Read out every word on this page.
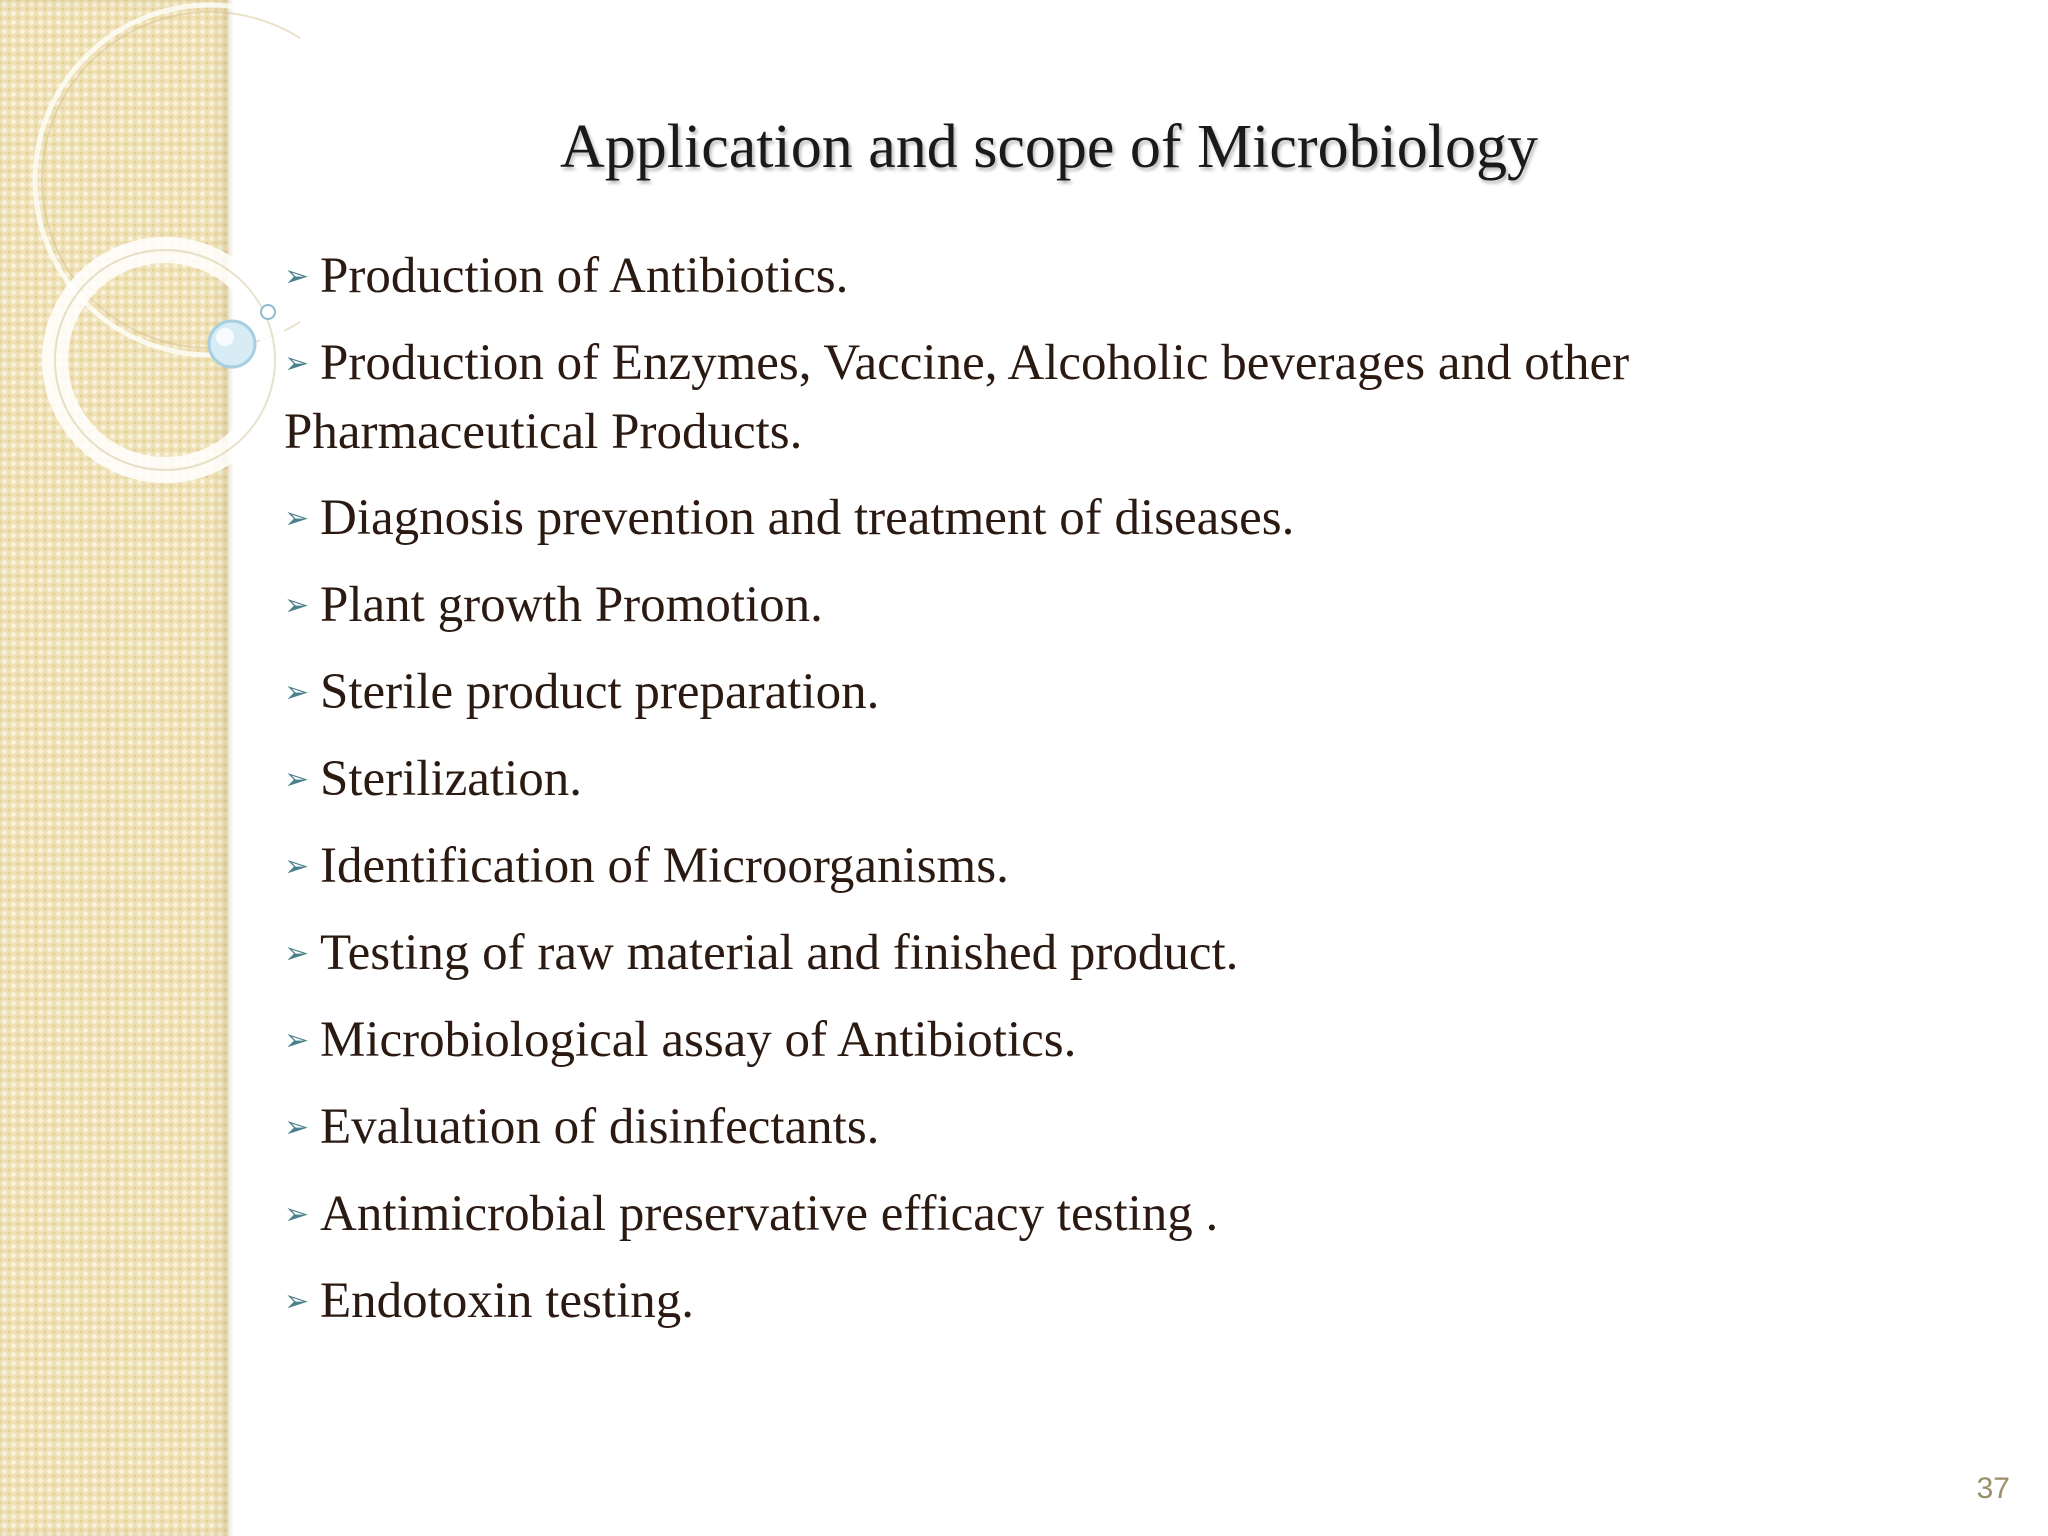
Application and scope of Microbiology
➢ Production of Antibiotics.
➢ Production of Enzymes, Vaccine, Alcoholic beverages and other Pharmaceutical Products.
➢ Diagnosis prevention and treatment of diseases.
➢ Plant growth Promotion.
➢ Sterile product preparation.
➢ Sterilization.
➢ Identification of Microorganisms.
➢ Testing of raw material and finished product.
➢ Microbiological assay of Antibiotics.
➢ Evaluation of disinfectants.
➢ Antimicrobial preservative efficacy testing .
➢ Endotoxin testing.
37
